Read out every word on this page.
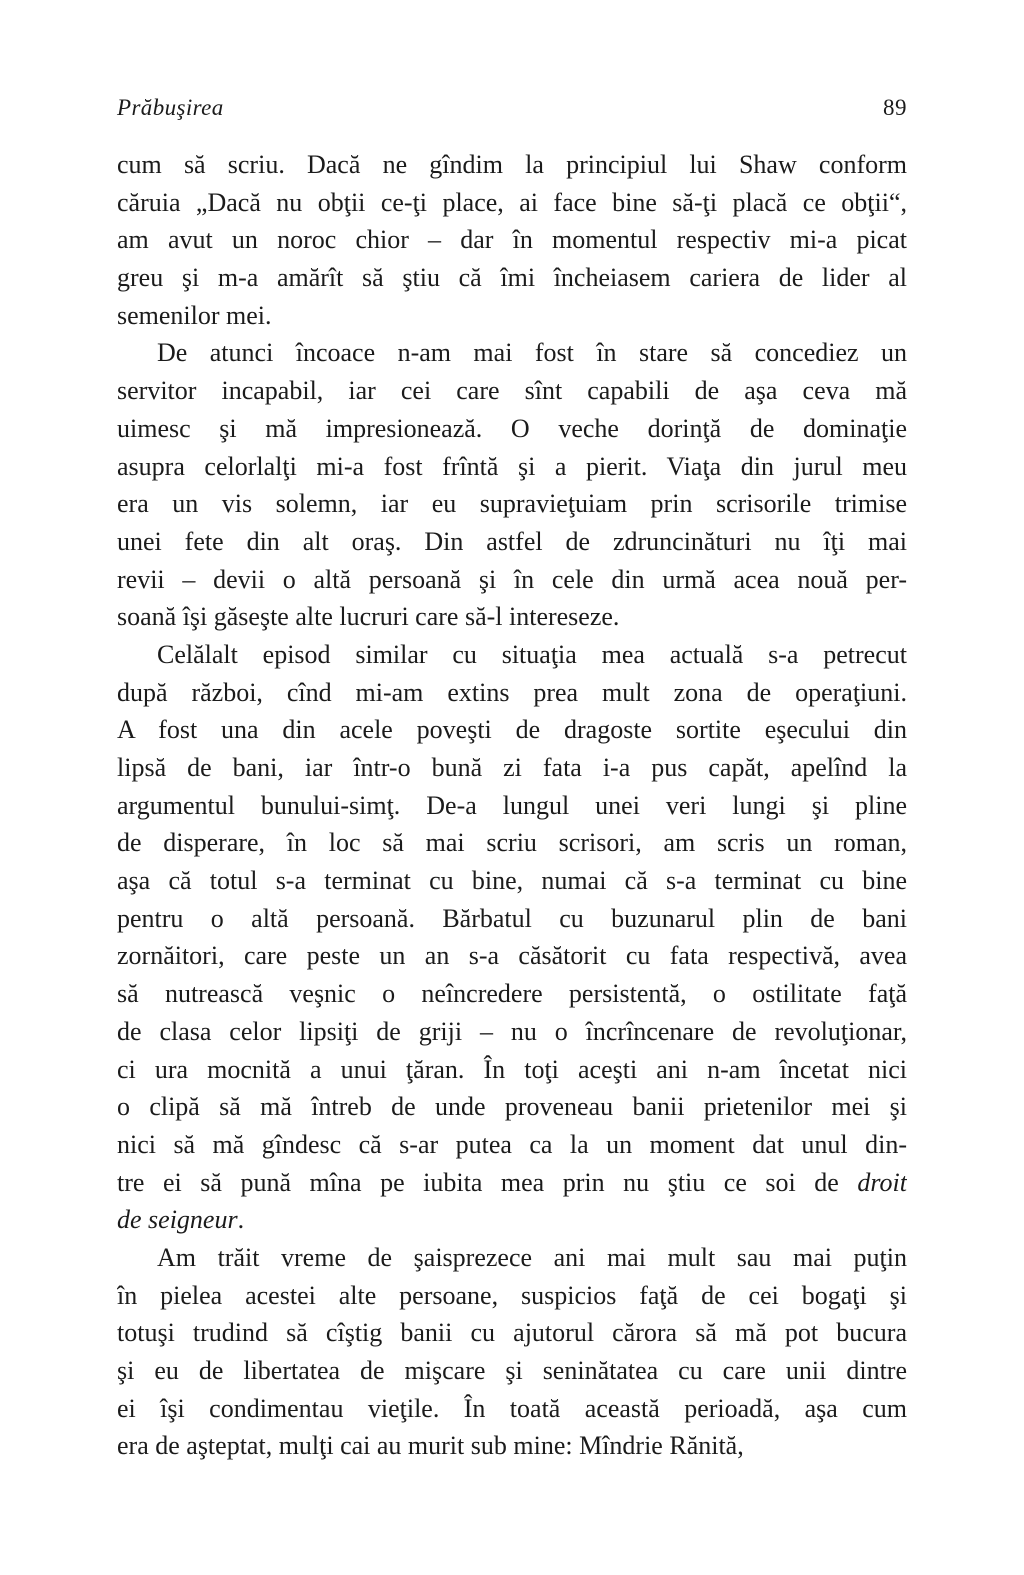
Prăbuşirea	89
cum să scriu. Dacă ne gîndim la principiul lui Shaw conform
căruia „Dacă nu obţii ce-ţi place, ai face bine să-ţi placă ce obţii“,
am avut un noroc chior – dar în momentul respectiv mi-a picat
greu şi m-a amărît să ştiu că îmi încheiasem cariera de lider al
semenilor mei.
De atunci încoace n-am mai fost în stare să concediez un
servitor incapabil, iar cei care sînt capabili de aşa ceva mă
uimesc şi mă impresionează. O veche dorinţă de dominaţie
asupra celorlalţi mi-a fost frîntă şi a pierit. Viaţa din jurul meu
era un vis solemn, iar eu supravieţuiam prin scrisorile trimise
unei fete din alt oraş. Din astfel de zdruncinături nu îţi mai
revii – devii o altă persoană şi în cele din urmă acea nouă per-
soană îşi găseşte alte lucruri care să-l intereseze.
Celălalt episod similar cu situaţia mea actuală s-a petrecut
după război, cînd mi-am extins prea mult zona de operaţiuni.
A fost una din acele poveşti de dragoste sortite eşecului din
lipsă de bani, iar într-o bună zi fata i-a pus capăt, apelînd la
argumentul bunului-simţ. De-a lungul unei veri lungi şi pline
de disperare, în loc să mai scriu scrisori, am scris un roman,
aşa că totul s-a terminat cu bine, numai că s-a terminat cu bine
pentru o altă persoană. Bărbatul cu buzunarul plin de bani
zornăitori, care peste un an s-a căsătorit cu fata respectivă, avea
să nutrească veşnic o neîncredere persistentă, o ostilitate faţă
de clasa celor lipsiţi de griji – nu o încrîncenare de revoluţionar,
ci ura mocnită a unui ţăran. În toţi aceşti ani n-am încetat nici
o clipă să mă întreb de unde proveneau banii prietenilor mei şi
nici să mă gîndesc că s-ar putea ca la un moment dat unul din-
tre ei să pună mîna pe iubita mea prin nu ştiu ce soi de droit
de seigneur.
Am trăit vreme de şaisprezece ani mai mult sau mai puţin
în pielea acestei alte persoane, suspicios faţă de cei bogaţi şi
totuşi trudind să cîştig banii cu ajutorul cărora să mă pot bucura
şi eu de libertatea de mişcare şi seninătatea cu care unii dintre
ei îşi condimentau vieţile. În toată această perioadă, aşa cum
era de aşteptat, mulţi cai au murit sub mine: Mîndrie Rănită,
